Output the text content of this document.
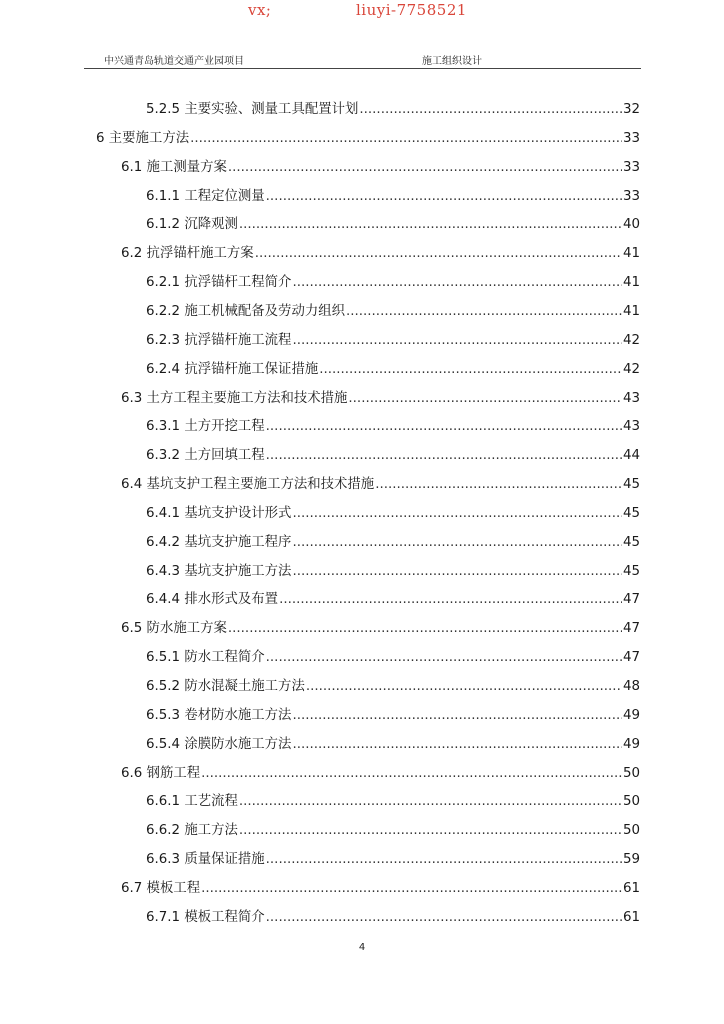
vx;	liuyi-7758521
中兴通青岛轨道交通产业园项目	施工组织设计
5.2.5 主要实验、测量工具配置计划 .....	32
6 主要施工方法 .....	33
6.1 施工测量方案 .....	33
6.1.1 工程定位测量 .....	33
6.1.2 沉降观测 .....	40
6.2 抗浮锚杆施工方案 .....	41
6.2.1 抗浮锚杆工程简介 .....	41
6.2.2 施工机械配备及劳动力组织 .....	41
6.2.3 抗浮锚杆施工流程 .....	42
6.2.4 抗浮锚杆施工保证措施 .....	42
6.3 土方工程主要施工方法和技术措施 .....	43
6.3.1 土方开挖工程 .....	43
6.3.2 土方回填工程 .....	44
6.4 基坑支护工程主要施工方法和技术措施 .....	45
6.4.1 基坑支护设计形式 .....	45
6.4.2 基坑支护施工程序 .....	45
6.4.3 基坑支护施工方法 .....	45
6.4.4 排水形式及布置 .....	47
6.5 防水施工方案 .....	47
6.5.1 防水工程简介 .....	47
6.5.2 防水混凝土施工方法 .....	48
6.5.3 卷材防水施工方法 .....	49
6.5.4 涂膜防水施工方法 .....	49
6.6 钢筋工程 .....	50
6.6.1 工艺流程 .....	50
6.6.2 施工方法 .....	50
6.6.3 质量保证措施 .....	59
6.7 模板工程 .....	61
6.7.1 模板工程简介 .....	61
4
